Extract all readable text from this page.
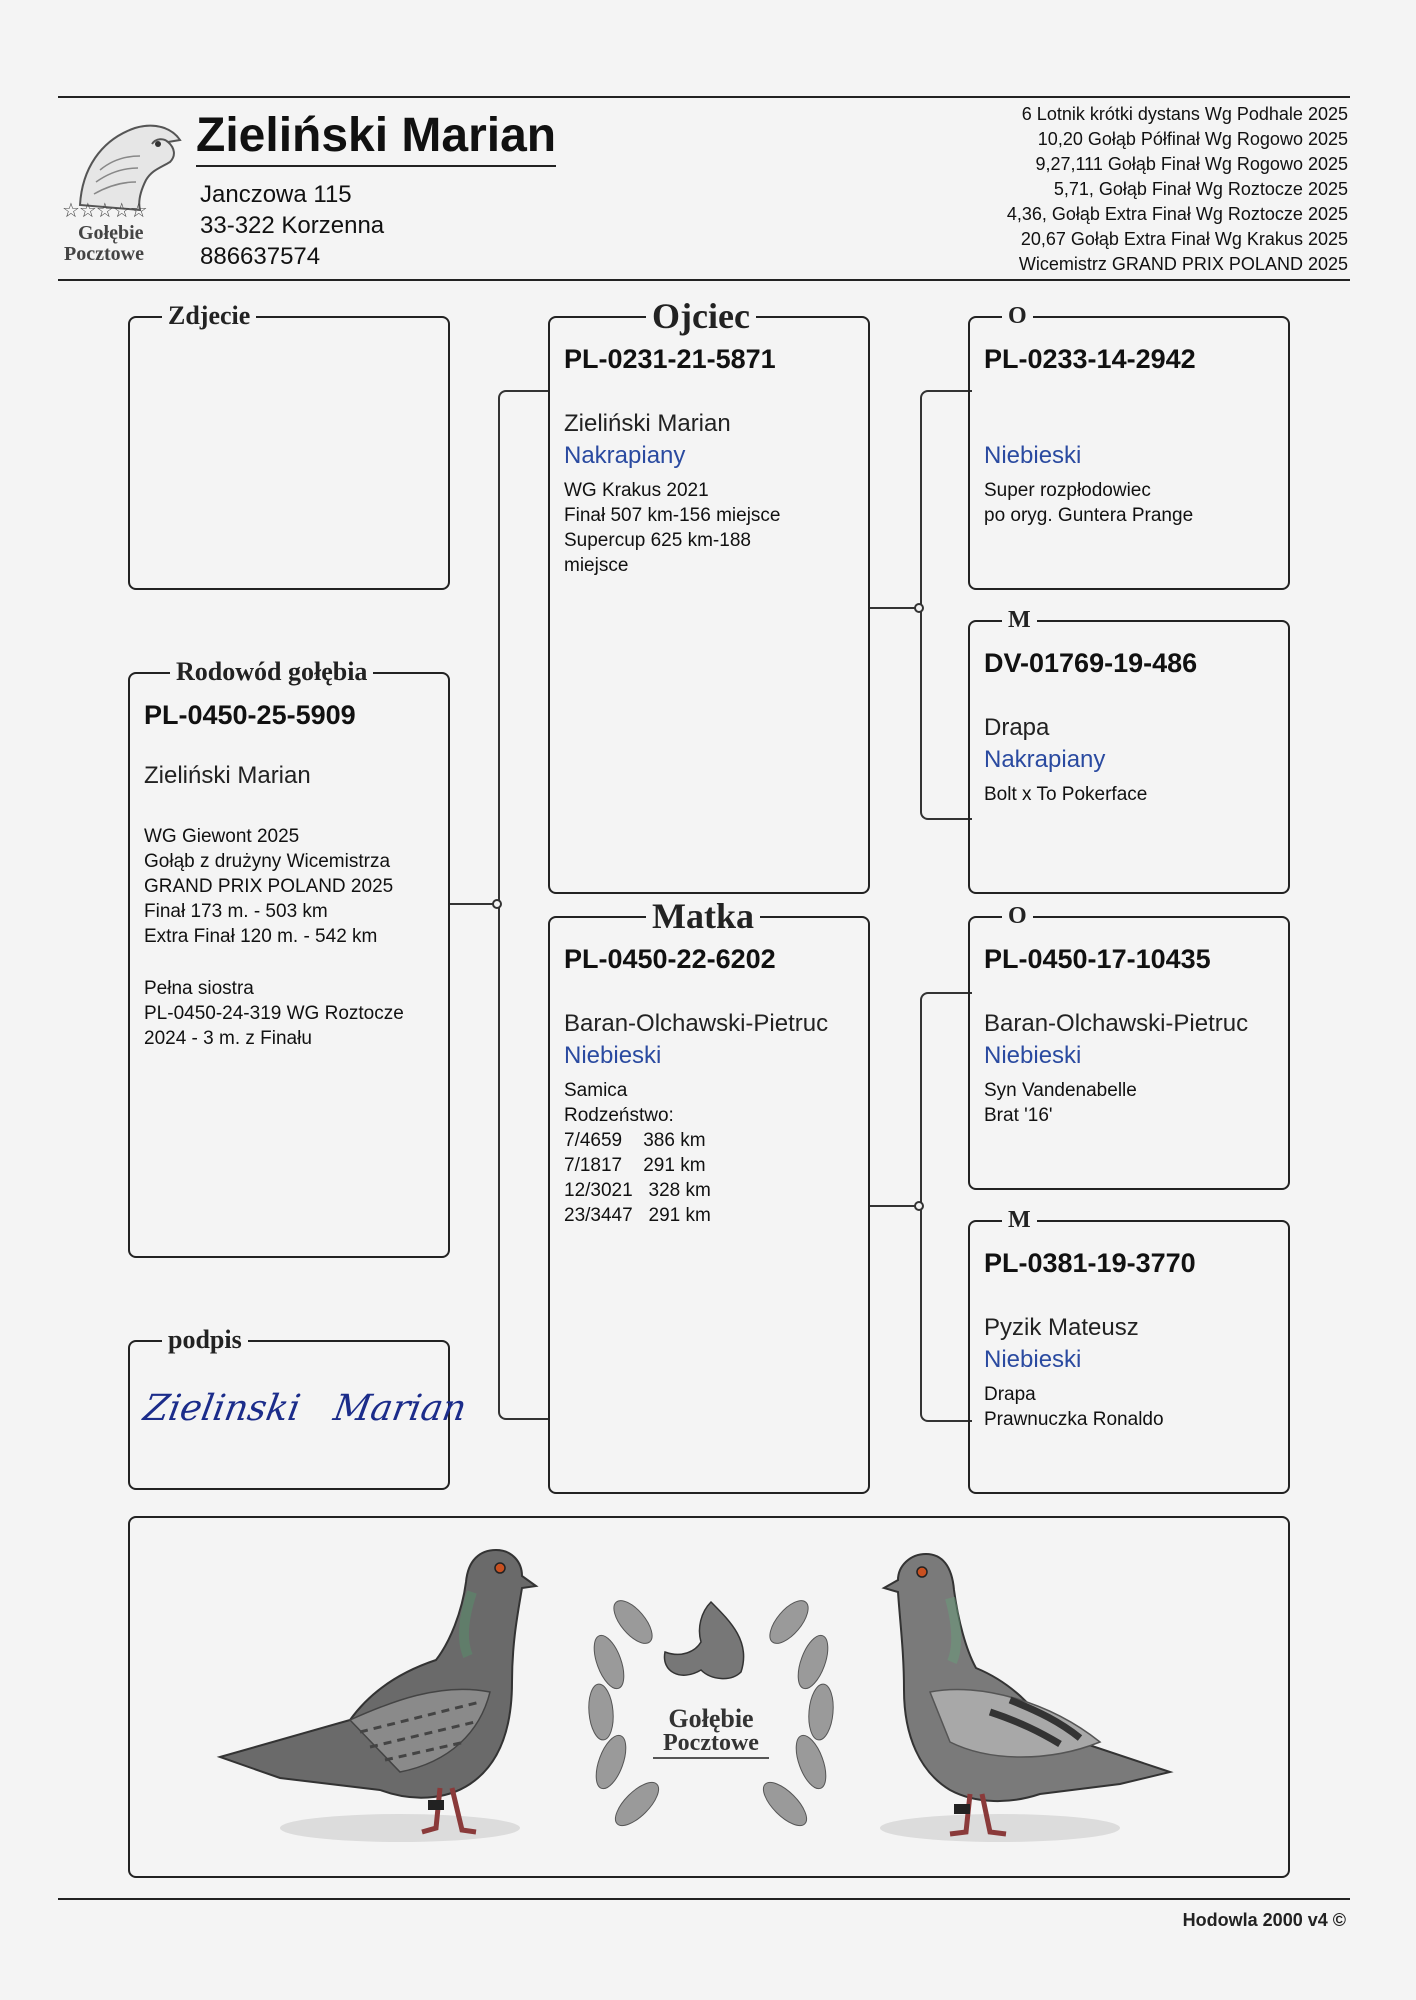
☆☆☆☆☆
Gołębie
Pocztowe
Zieliński Marian
Janczowa 115
33-322 Korzenna
886637574
6 Lotnik krótki dystans Wg Podhale 2025
10,20 Gołąb Półfinał Wg Rogowo 2025
9,27,111 Gołąb Finał Wg Rogowo 2025
5,71, Gołąb Finał Wg Roztocze 2025
4,36, Gołąb Extra Finał Wg Roztocze 2025
20,67 Gołąb Extra Finał Wg Krakus 2025
Wicemistrz GRAND PRIX POLAND 2025
Zdjecie
Rodowód gołębia
PL-0450-25-5909
Zieliński Marian
WG Giewont 2025
Gołąb z drużyny Wicemistrza
GRAND PRIX POLAND 2025
Finał 173 m. - 503 km
Extra Finał 120 m. - 542 km
Pełna siostra
PL-0450-24-319 WG Roztocze
2024 - 3 m. z Finału
podpis
Zielinski   Marian
Ojciec
PL-0231-21-5871
Zieliński Marian
Nakrapiany
WG Krakus 2021
Finał 507 km-156 miejsce
Supercup 625 km-188
miejsce
Matka
PL-0450-22-6202
Baran-Olchawski-Pietruc
Niebieski
Samica
Rodzeństwo:
7/4659    386 km
7/1817    291 km
12/3021   328 km
23/3447   291 km
O
PL-0233-14-2942
Niebieski
Super rozpłodowiec
po oryg. Guntera Prange
M
DV-01769-19-486
Drapa
Nakrapiany
Bolt x To Pokerface
O
PL-0450-17-10435
Baran-Olchawski-Pietruc
Niebieski
Syn Vandenabelle
Brat '16'
M
PL-0381-19-3770
Pyzik Mateusz
Niebieski
Drapa
Prawnuczka Ronaldo
Gołębie
Pocztowe
Hodowla 2000 v4 ©
